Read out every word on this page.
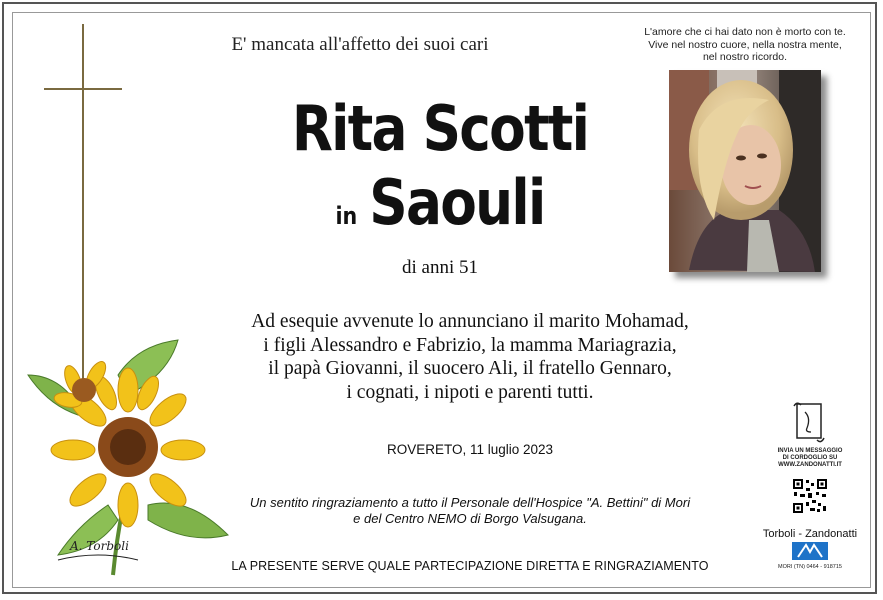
E' mancata all'affetto dei suoi cari
Rita Scotti
in Saouli
di anni 51
Ad esequie avvenute lo annunciano il marito Mohamad,
i figli Alessandro e Fabrizio, la mamma Mariagrazia,
il papà Giovanni, il suocero Ali, il fratello Gennaro,
i cognati, i nipoti e parenti tutti.
ROVERETO, 11 luglio 2023
Un sentito ringraziamento a tutto il Personale dell'Hospice "A. Bettini" di Mori
e del Centro NEMO di Borgo Valsugana.
LA PRESENTE SERVE QUALE PARTECIPAZIONE DIRETTA E RINGRAZIAMENTO
L'amore che ci hai dato non è morto con te.
Vive nel nostro cuore, nella nostra mente,
nel nostro ricordo.
INVIA UN MESSAGGIO
DI CORDOGLIO SU
WWW.ZANDONATTI.IT
Torboli - Zandonatti
MORI (TN) 0464 - 918715
A. Torboli
